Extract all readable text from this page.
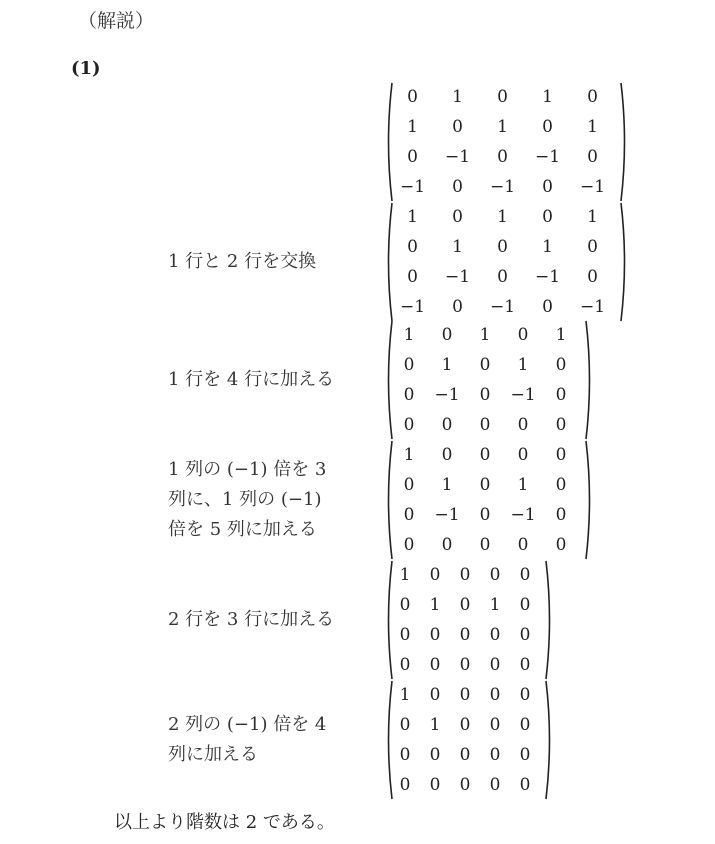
（解説）
(1)
0	1	0	1	0
1	0	1	0	1
0	−1	0	−1	0
−1	0	−1	0	−1
1 行と 2 行を交換
1	0	1	0	1
0	1	0	1	0
0	−1	0	−1	0
−1	0	−1	0	−1
1 行を 4 行に加える
1	0	1	0	1
0	1	0	1	0
0	−1	0	−1	0
0	0	0	0	0
1 列の (−1) 倍を 3
列に、1 列の (−1)
倍を 5 列に加える
1	0	0	0	0
0	1	0	1	0
0	−1	0	−1	0
0	0	0	0	0
2 行を 3 行に加える
1	0	0	0	0
0	1	0	1	0
0	0	0	0	0
0	0	0	0	0
2 列の (−1) 倍を 4
列に加える
1	0	0	0	0
0	1	0	0	0
0	0	0	0	0
0	0	0	0	0
以上より階数は 2 である。
